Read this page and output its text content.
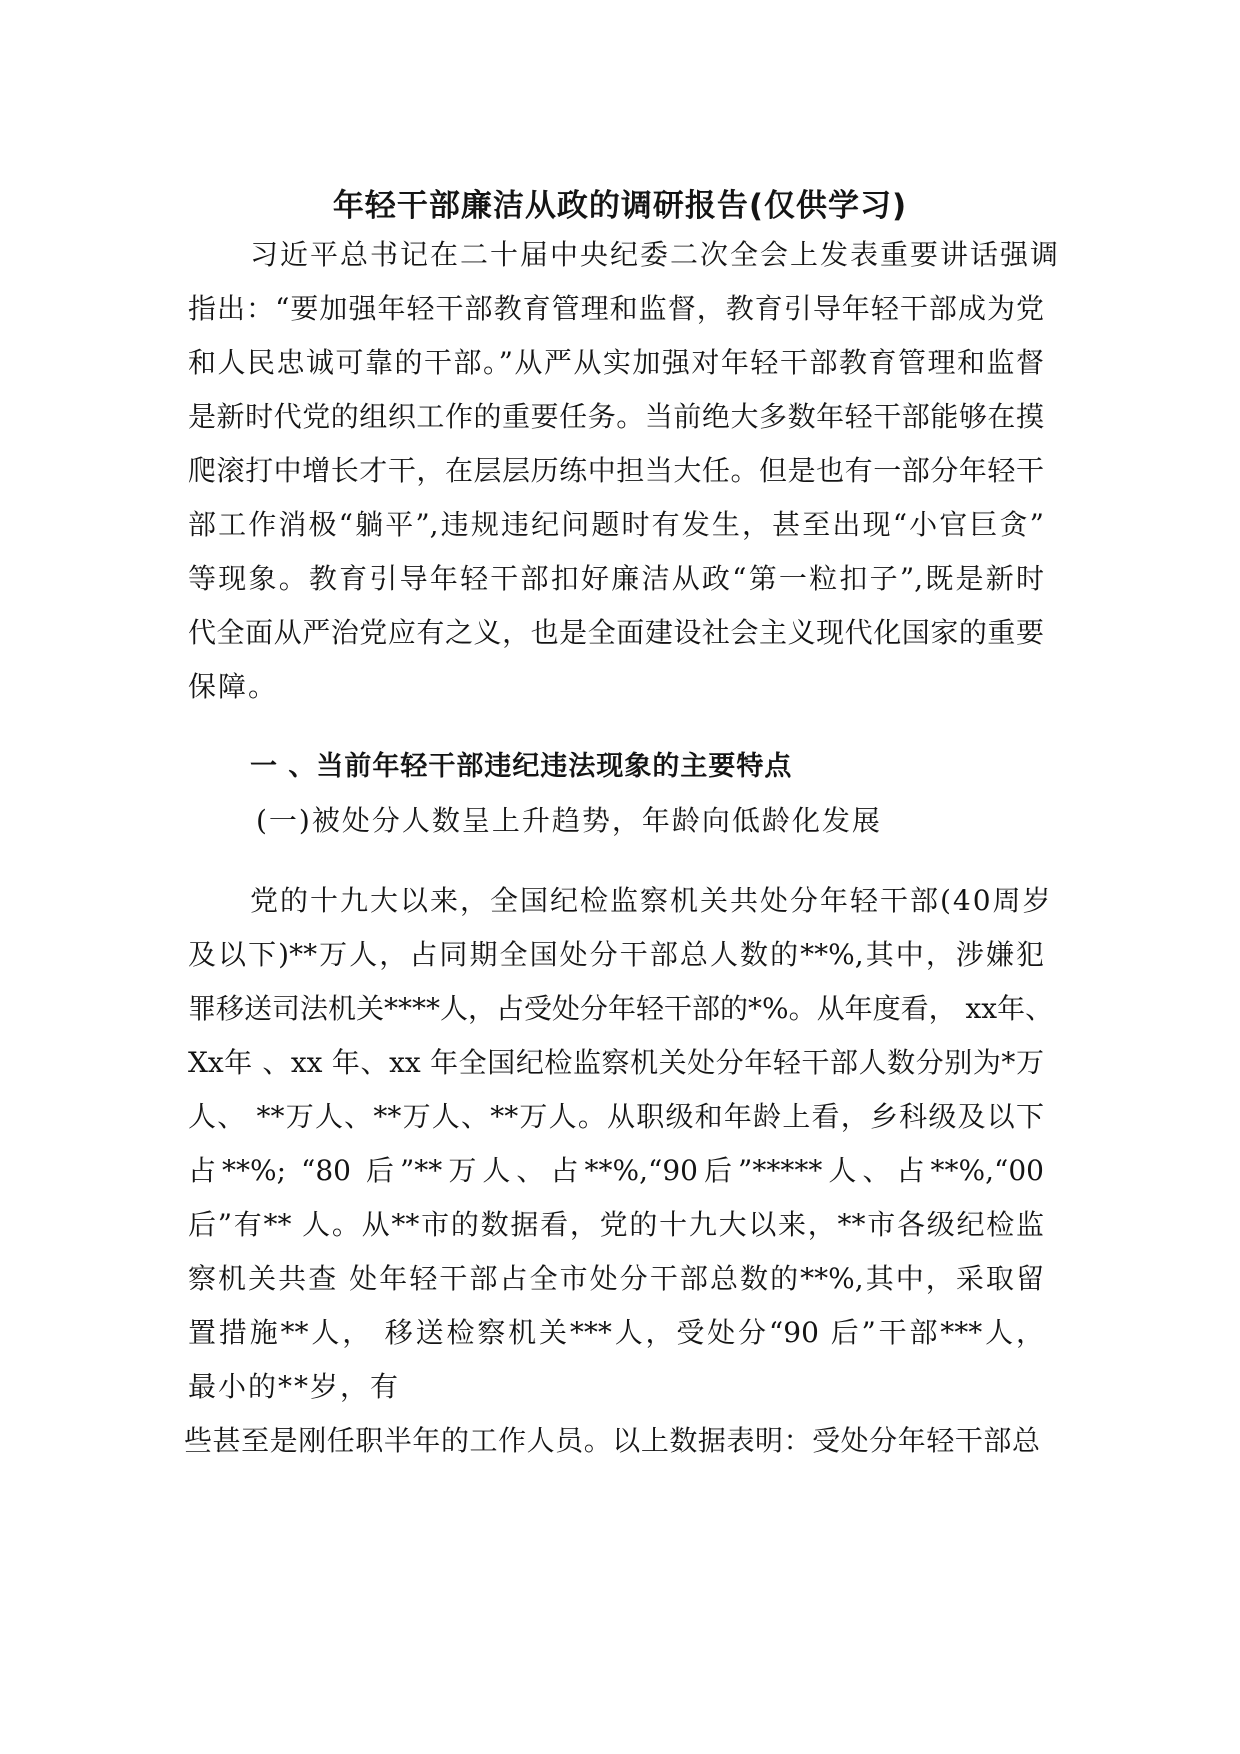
年轻干部廉洁从政的调研报告(仅供学习)
习近平总书记在二十届中央纪委二次全会上发表重要讲话强调
指出：“要加强年轻干部教育管理和监督，教育引导年轻干部成为党
和人民忠诚可靠的干部。”从严从实加强对年轻干部教育管理和监督
是新时代党的组织工作的重要任务。当前绝大多数年轻干部能够在摸
爬滚打中增长才干，在层层历练中担当大任。但是也有一部分年轻干
部工作消极“躺平”,违规违纪问题时有发生，甚至出现“小官巨贪”
等现象。教育引导年轻干部扣好廉洁从政“第一粒扣子”,既是新时
代全面从严治党应有之义，也是全面建设社会主义现代化国家的重要
保障。
一 、当前年轻干部违纪违法现象的主要特点
(一)被处分人数呈上升趋势，年龄向低龄化发展
党的十九大以来，全国纪检监察机关共处分年轻干部(40周岁
及以下)**万人，占同期全国处分干部总人数的**%,其中，涉嫌犯
罪移送司法机关****人，占受处分年轻干部的*%。从年度看， xx年、
Xx年 、xx 年、xx 年全国纪检监察机关处分年轻干部人数分别为*万
人、 **万人、**万人、**万人。从职级和年龄上看，乡科级及以下
占**%; “80 后”**万人、占**%,“90后”*****人、占**%,“00
后”有** 人。从**市的数据看，党的十九大以来，**市各级纪检监
察机关共查 处年轻干部占全市处分干部总数的**%,其中，采取留
置措施**人， 移送检察机关***人，受处分“90 后”干部***人，
最小的**岁，有
些甚至是刚任职半年的工作人员。以上数据表明：受处分年轻干部总
